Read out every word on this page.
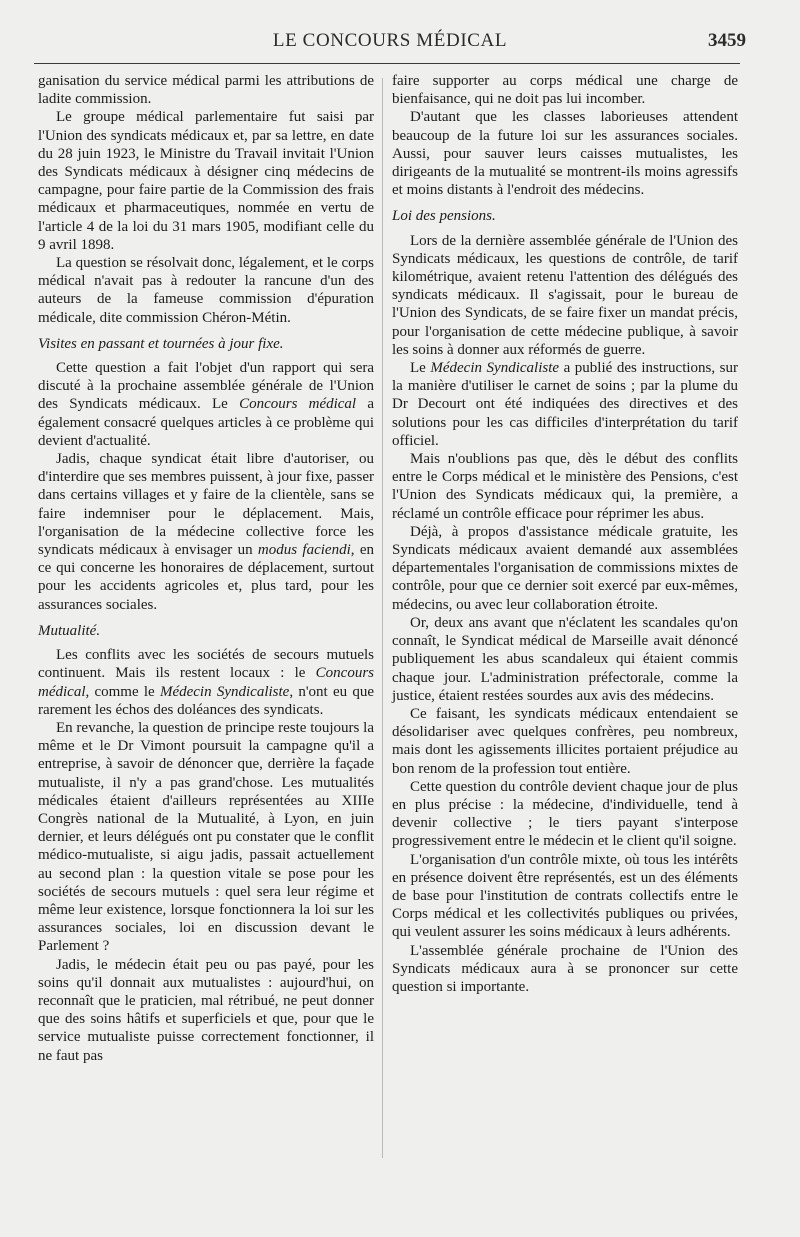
LE CONCOURS MÉDICAL	3459

ganisation du service médical parmi les attributions de ladite commission.

Le groupe médical parlementaire fut saisi par l'Union des syndicats médicaux et, par sa lettre, en date du 28 juin 1923, le Ministre du Travail invitait l'Union des Syndicats médicaux à désigner cinq médecins de campagne, pour faire partie de la Commission des frais médicaux et pharmaceutiques, nommée en vertu de l'article 4 de la loi du 31 mars 1905, modifiant celle du 9 avril 1898.

La question se résolvait donc, légalement, et le corps médical n'avait pas à redouter la rancune d'un des auteurs de la fameuse commission d'épuration médicale, dite commission Chéron-Métin.

Visites en passant et tournées à jour fixe.

Cette question a fait l'objet d'un rapport qui sera discuté à la prochaine assemblée générale de l'Union des Syndicats médicaux. Le Concours médical a également consacré quelques articles à ce problème qui devient d'actualité.

Jadis, chaque syndicat était libre d'autoriser, ou d'interdire que ses membres puissent, à jour fixe, passer dans certains villages et y faire de la clientèle, sans se faire indemniser pour le déplacement. Mais, l'organisation de la médecine collective force les syndicats médicaux à envisager un modus faciendi, en ce qui concerne les honoraires de déplacement, surtout pour les accidents agricoles et, plus tard, pour les assurances sociales.

Mutualité.

Les conflits avec les sociétés de secours mutuels continuent. Mais ils restent locaux : le Concours médical, comme le Médecin Syndicaliste, n'ont eu que rarement les échos des doléances des syndicats.

En revanche, la question de principe reste toujours la même et le Dr Vimont poursuit la campagne qu'il a entreprise, à savoir de dénoncer que, derrière la façade mutualiste, il n'y a pas grand'chose. Les mutualités médicales étaient d'ailleurs représentées au XIIIe Congrès national de la Mutualité, à Lyon, en juin dernier, et leurs délégués ont pu constater que le conflit médico-mutualiste, si aigu jadis, passait actuellement au second plan : la question vitale se pose pour les sociétés de secours mutuels : quel sera leur régime et même leur existence, lorsque fonctionnera la loi sur les assurances sociales, loi en discussion devant le Parlement ?

Jadis, le médecin était peu ou pas payé, pour les soins qu'il donnait aux mutualistes : aujourd'hui, on reconnaît que le praticien, mal rétribué, ne peut donner que des soins hâtifs et superficiels et que, pour que le service mutualiste puisse correctement fonctionner, il ne faut pas

faire supporter au corps médical une charge de bienfaisance, qui ne doit pas lui incomber.

D'autant que les classes laborieuses attendent beaucoup de la future loi sur les assurances sociales. Aussi, pour sauver leurs caisses mutualistes, les dirigeants de la mutualité se montrent-ils moins agressifs et moins distants à l'endroit des médecins.

Loi des pensions.

Lors de la dernière assemblée générale de l'Union des Syndicats médicaux, les questions de contrôle, de tarif kilométrique, avaient retenu l'attention des délégués des syndicats médicaux. Il s'agissait, pour le bureau de l'Union des Syndicats, de se faire fixer un mandat précis, pour l'organisation de cette médecine publique, à savoir les soins à donner aux réformés de guerre.

Le Médecin Syndicaliste a publié des instructions, sur la manière d'utiliser le carnet de soins ; par la plume du Dr Decourt ont été indiquées des directives et des solutions pour les cas difficiles d'interprétation du tarif officiel.

Mais n'oublions pas que, dès le début des conflits entre le Corps médical et le ministère des Pensions, c'est l'Union des Syndicats médicaux qui, la première, a réclamé un contrôle efficace pour réprimer les abus.

Déjà, à propos d'assistance médicale gratuite, les Syndicats médicaux avaient demandé aux assemblées départementales l'organisation de commissions mixtes de contrôle, pour que ce dernier soit exercé par eux-mêmes, médecins, ou avec leur collaboration étroite.

Or, deux ans avant que n'éclatent les scandales qu'on connaît, le Syndicat médical de Marseille avait dénoncé publiquement les abus scandaleux qui étaient commis chaque jour. L'administration préfectorale, comme la justice, étaient restées sourdes aux avis des médecins.

Ce faisant, les syndicats médicaux entendaient se désolidariser avec quelques confrères, peu nombreux, mais dont les agissements illicites portaient préjudice au bon renom de la profession tout entière.

Cette question du contrôle devient chaque jour de plus en plus précise : la médecine, d'individuelle, tend à devenir collective ; le tiers payant s'interpose progressivement entre le médecin et le client qu'il soigne.

L'organisation d'un contrôle mixte, où tous les intérêts en présence doivent être représentés, est un des éléments de base pour l'institution de contrats collectifs entre le Corps médical et les collectivités publiques ou privées, qui veulent assurer les soins médicaux à leurs adhérents.

L'assemblée générale prochaine de l'Union des Syndicats médicaux aura à se prononcer sur cette question si importante.
